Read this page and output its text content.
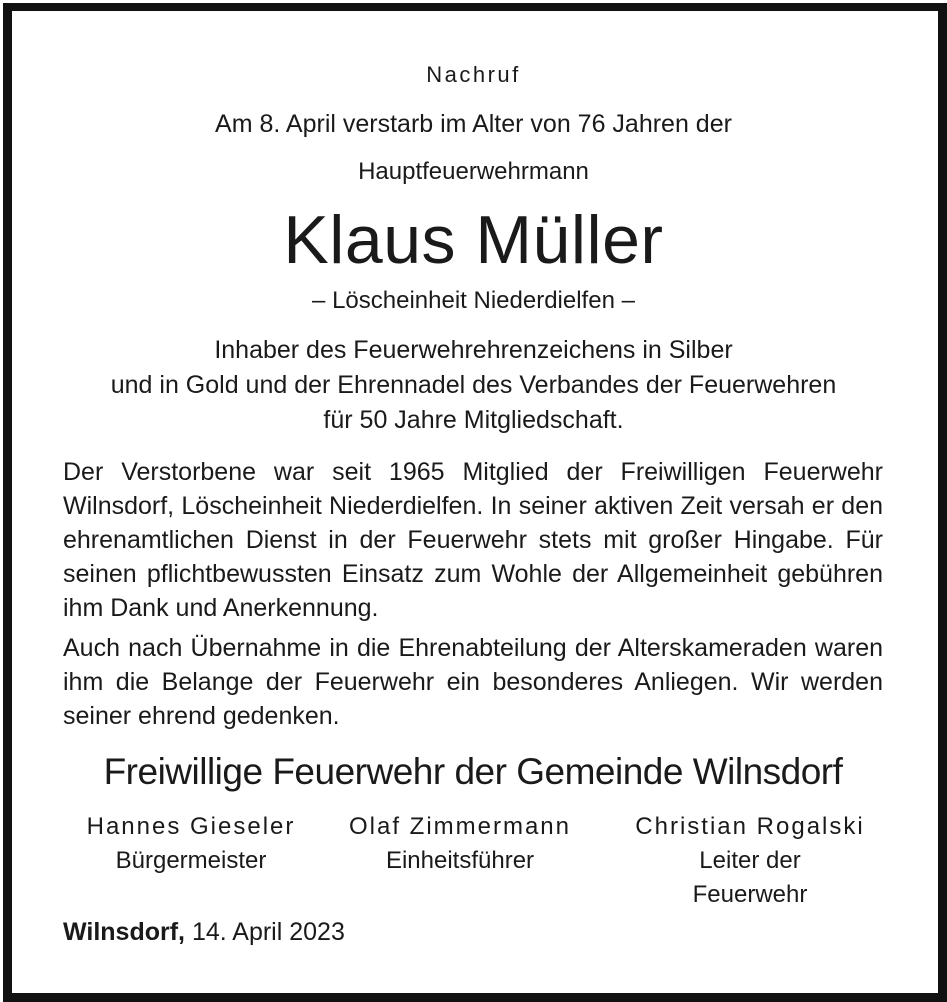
Nachruf
Am 8. April verstarb im Alter von 76 Jahren der
Hauptfeuerwehrmann
Klaus Müller
– Löscheinheit Niederdielfen –
Inhaber des Feuerwehrehrenzeichens in Silber
und in Gold und der Ehrennadel des Verbandes der Feuerwehren
für 50 Jahre Mitgliedschaft.
Der Verstorbene war seit 1965 Mitglied der Freiwilligen Feuerwehr Wilnsdorf, Löscheinheit Niederdielfen. In seiner aktiven Zeit versah er den ehrenamtlichen Dienst in der Feuerwehr stets mit großer Hingabe. Für seinen pflichtbewussten Einsatz zum Wohle der Allgemeinheit gebühren ihm Dank und Anerkennung.
Auch nach Übernahme in die Ehrenabteilung der Alterskameraden waren ihm die Belange der Feuerwehr ein besonderes Anliegen. Wir werden seiner ehrend gedenken.
Freiwillige Feuerwehr der Gemeinde Wilnsdorf
Hannes Gieseler
Bürgermeister
Olaf Zimmermann
Einheitsführer
Christian Rogalski
Leiter der
Feuerwehr
Wilnsdorf, 14. April 2023
